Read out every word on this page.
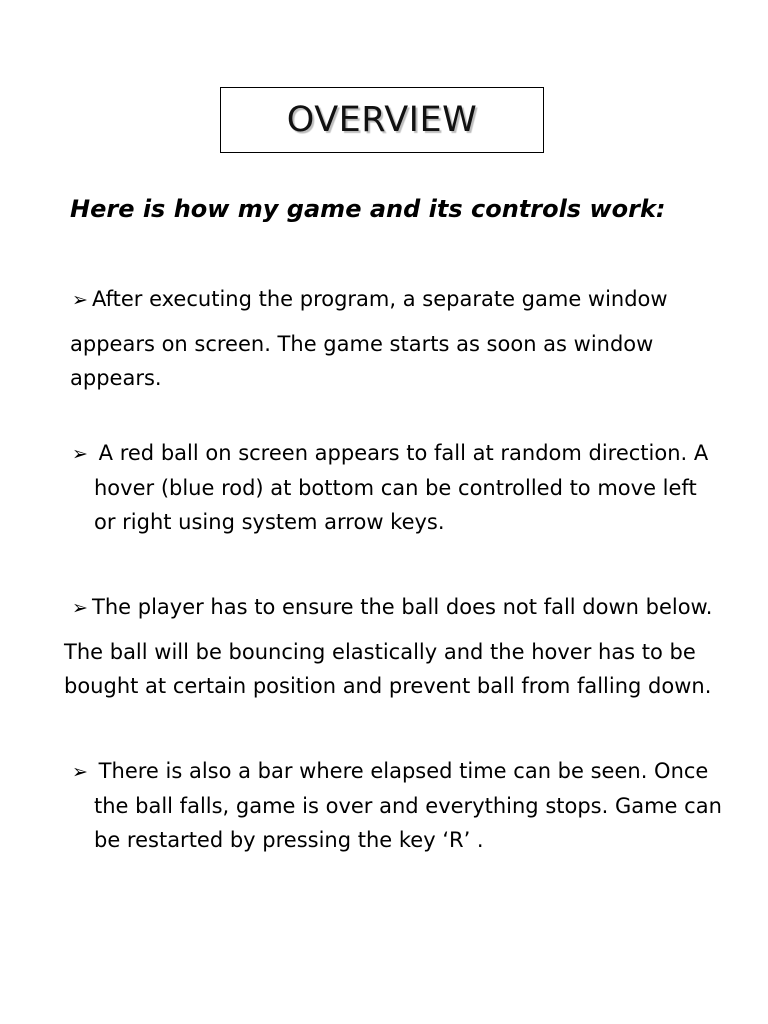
OVERVIEW
Here is how my game and its controls work:
➢ After executing the program, a separate game window
appears on screen. The game starts as soon as window
appears.
➢ A red ball on screen appears to fall at random direction. A
hover (blue rod) at bottom can be controlled to move left
or right using system arrow keys.
➢ The player has to ensure the ball does not fall down below.
The ball will be bouncing elastically and the hover has to be
bought at certain position and prevent ball from falling down.
➢ There is also a bar where elapsed time can be seen. Once
the ball falls, game is over and everything stops. Game can
be restarted by pressing the key ‘R’ .
